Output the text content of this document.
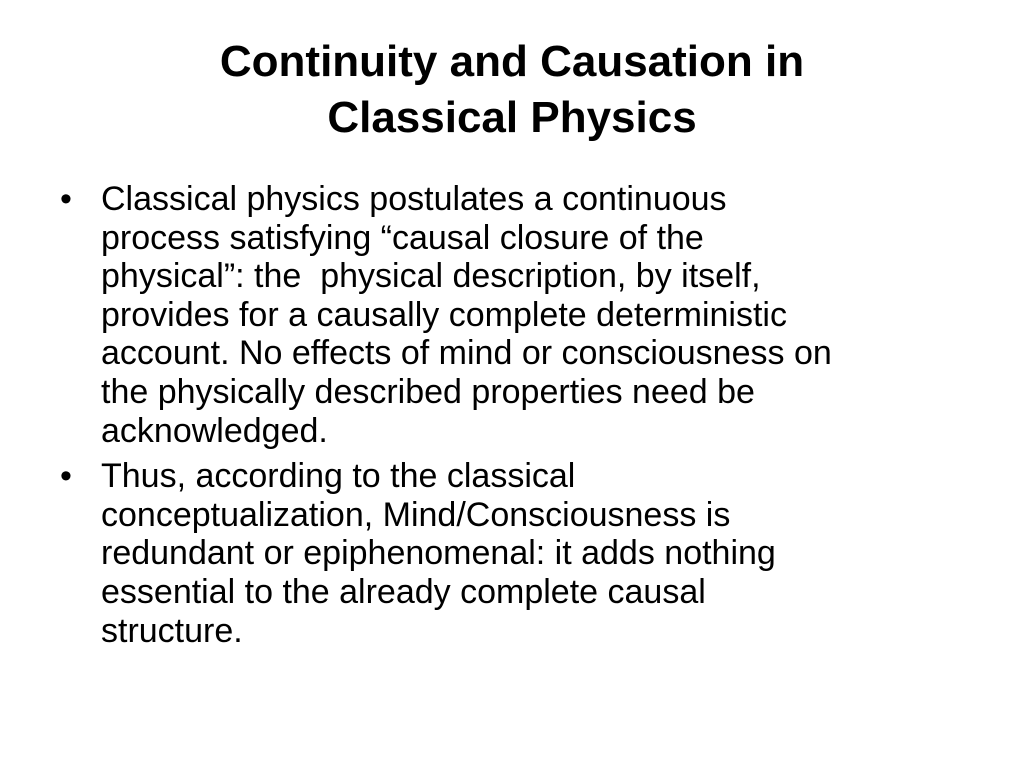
Continuity and Causation in
Classical Physics
• Classical physics postulates a continuous
process satisfying “causal closure of the
physical”: the  physical description, by itself,
provides for a causally complete deterministic
account. No effects of mind or consciousness on
the physically described properties need be
acknowledged.
• Thus, according to the classical
conceptualization, Mind/Consciousness is
redundant or epiphenomenal: it adds nothing
essential to the already complete causal
structure.
